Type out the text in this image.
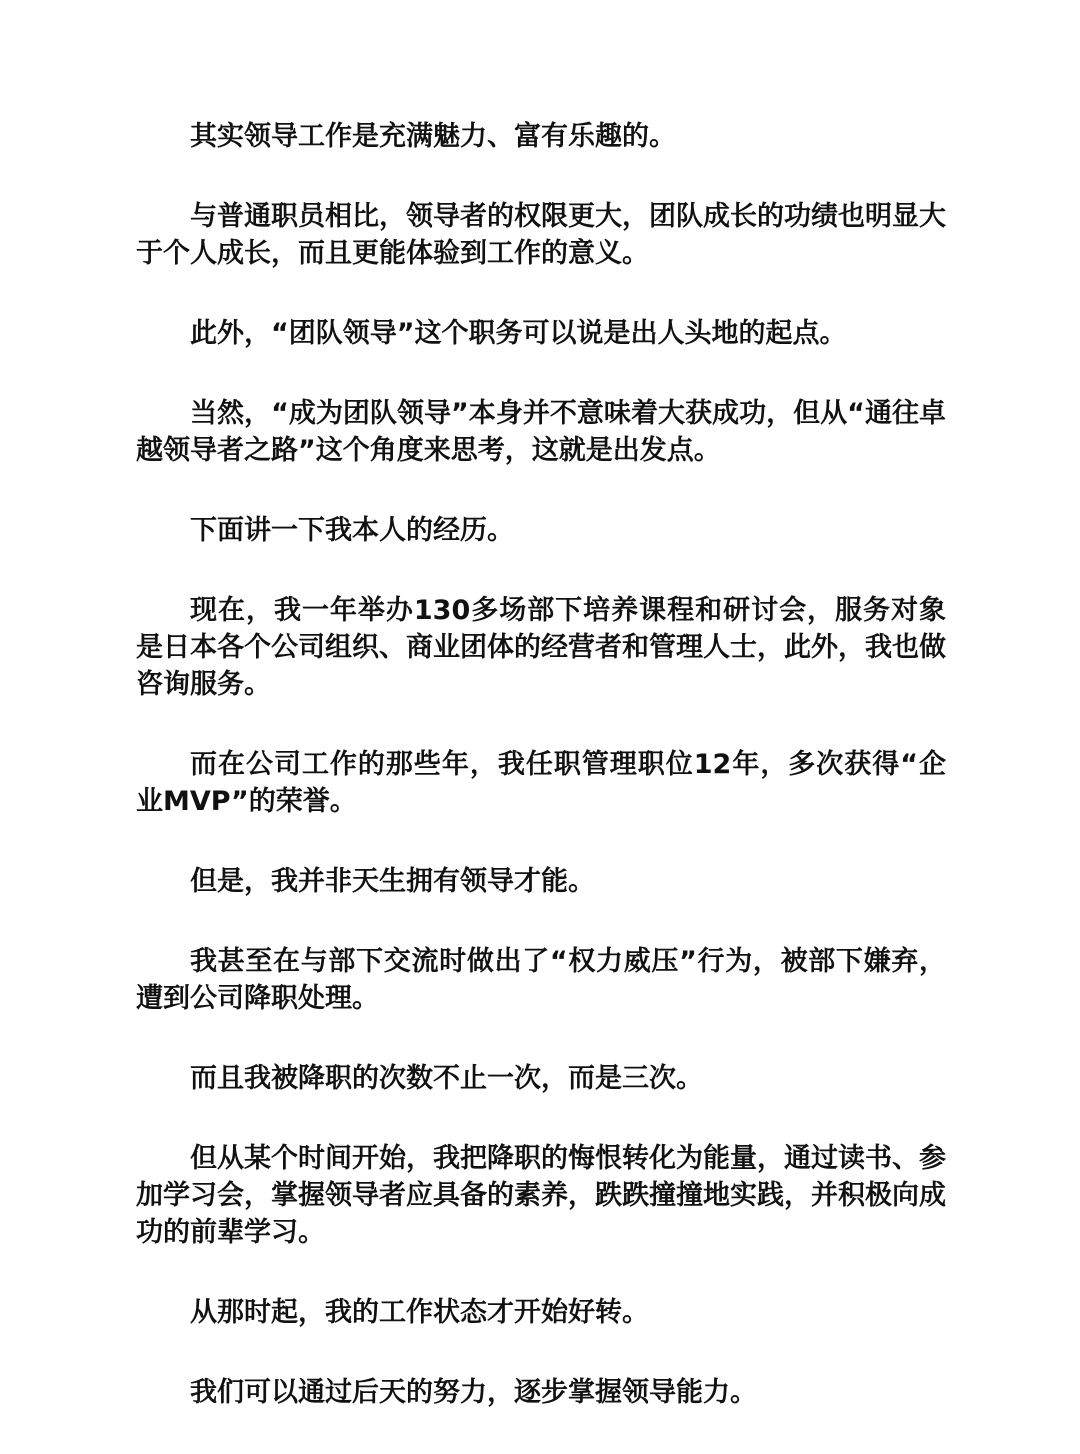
其实领导工作是充满魅力、富有乐趣的。

与普通职员相比，领导者的权限更大，团队成长的功绩也明显大于个人成长，而且更能体验到工作的意义。

此外，“团队领导”这个职务可以说是出人头地的起点。

当然，“成为团队领导”本身并不意味着大获成功，但从“通往卓越领导者之路”这个角度来思考，这就是出发点。

下面讲一下我本人的经历。

现在，我一年举办130多场部下培养课程和研讨会，服务对象是日本各个公司组织、商业团体的经营者和管理人士，此外，我也做咨询服务。

而在公司工作的那些年，我任职管理职位12年，多次获得“企业MVP”的荣誉。

但是，我并非天生拥有领导才能。

我甚至在与部下交流时做出了“权力威压”行为，被部下嫌弃，遭到公司降职处理。

而且我被降职的次数不止一次，而是三次。

但从某个时间开始，我把降职的悔恨转化为能量，通过读书、参加学习会，掌握领导者应具备的素养，跌跌撞撞地实践，并积极向成功的前辈学习。

从那时起，我的工作状态才开始好转。

我们可以通过后天的努力，逐步掌握领导能力。
